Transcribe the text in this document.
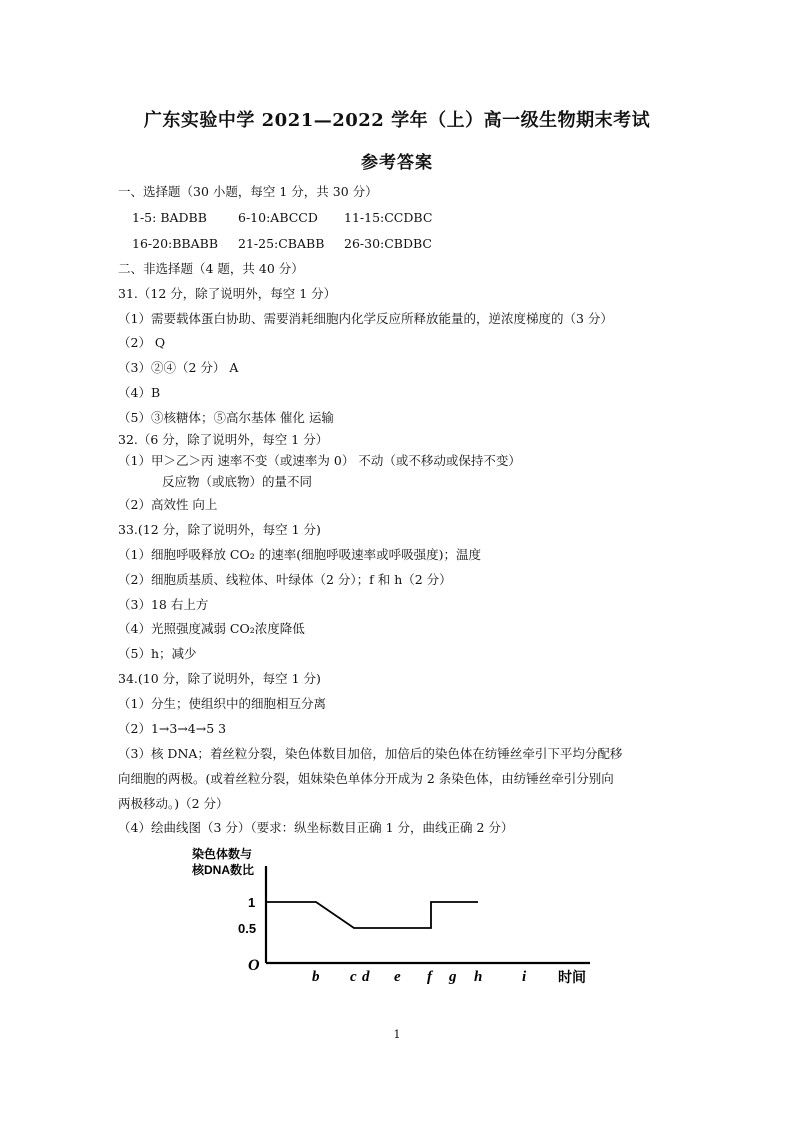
广东实验中学 2021—2022 学年（上）高一级生物期末考试
参考答案
一、选择题（30 小题，每空 1 分，共 30 分）
1-5: BADBB 6-10:ABCCD 11-15:CCDBC
16-20:BBABB 21-25:CBABB 26-30:CBDBC
二、非选择题（4 题，共 40 分）
31.（12 分，除了说明外，每空 1 分）
（1）需要载体蛋白协助、需要消耗细胞内化学反应所释放能量的，逆浓度梯度的（3 分）
（2） Q
（3）②④（2 分） A
（4）B
（5）③核糖体；⑤高尔基体 催化 运输
32.（6 分，除了说明外，每空 1 分）
（1）甲＞乙＞丙 速率不变（或速率为 0） 不动（或不移动或保持不变）
反应物（或底物）的量不同
（2）高效性 向上
33.(12 分，除了说明外，每空 1 分)
（1）细胞呼吸释放 CO₂ 的速率(细胞呼吸速率或呼吸强度)；温度
（2）细胞质基质、线粒体、叶绿体（2 分）；f 和 h（2 分）
（3）18 右上方
（4）光照强度减弱 CO₂浓度降低
（5）h；减少
34.(10 分，除了说明外，每空 1 分)
（1）分生；使组织中的细胞相互分离
（2）1→3→4→5 3
（3）核 DNA；着丝粒分裂，染色体数目加倍，加倍后的染色体在纺锤丝牵引下平均分配移
向细胞的两极。(或着丝粒分裂，姐妹染色单体分开成为 2 条染色体，由纺锤丝牵引分别向
两极移动。)（2 分）
（4）绘曲线图（3 分）（要求：纵坐标数目正确 1 分，曲线正确 2 分）
染色体数与
核DNA数比
O
1
0.5
b c d e f g h	i 时间
1
